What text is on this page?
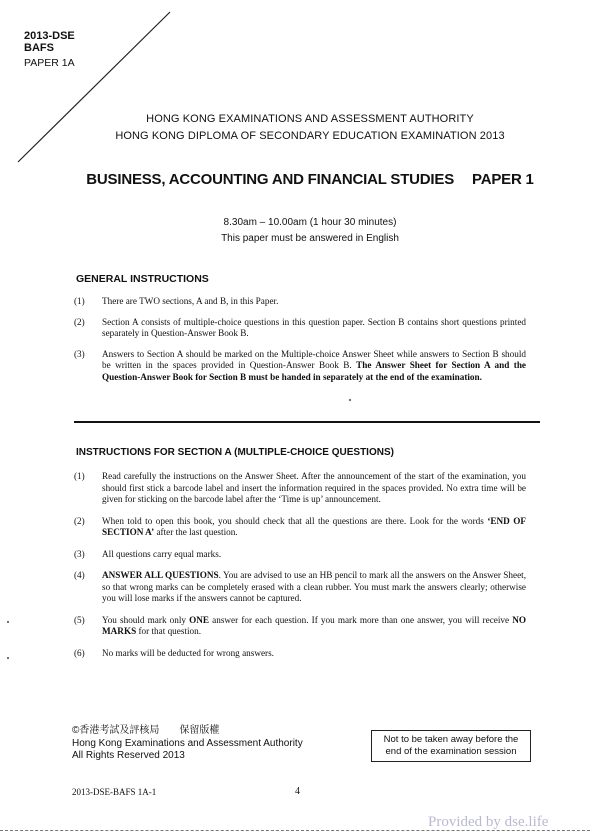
2013-DSE
BAFS
PAPER 1A
HONG KONG EXAMINATIONS AND ASSESSMENT AUTHORITY
HONG KONG DIPLOMA OF SECONDARY EDUCATION EXAMINATION 2013
BUSINESS, ACCOUNTING AND FINANCIAL STUDIES PAPER 1
8.30am – 10.00am (1 hour 30 minutes)
This paper must be answered in English
GENERAL INSTRUCTIONS
(1)	There are TWO sections, A and B, in this Paper.
(2)	Section A consists of multiple-choice questions in this question paper. Section B contains short questions printed separately in Question-Answer Book B.
(3)	Answers to Section A should be marked on the Multiple-choice Answer Sheet while answers to Section B should be written in the spaces provided in Question-Answer Book B. The Answer Sheet for Section A and the Question-Answer Book for Section B must be handed in separately at the end of the examination.
INSTRUCTIONS FOR SECTION A (MULTIPLE-CHOICE QUESTIONS)
(1)	Read carefully the instructions on the Answer Sheet. After the announcement of the start of the examination, you should first stick a barcode label and insert the information required in the spaces provided. No extra time will be given for sticking on the barcode label after the ‘Time is up’ announcement.
(2)	When told to open this book, you should check that all the questions are there. Look for the words ‘END OF SECTION A’ after the last question.
(3)	All questions carry equal marks.
(4)	ANSWER ALL QUESTIONS. You are advised to use an HB pencil to mark all the answers on the Answer Sheet, so that wrong marks can be completely erased with a clean rubber. You must mark the answers clearly; otherwise you will lose marks if the answers cannot be captured.
(5)	You should mark only ONE answer for each question. If you mark more than one answer, you will receive NO MARKS for that question.
(6)	No marks will be deducted for wrong answers.
©香港考試及評核局　　保留版權
Hong Kong Examinations and Assessment Authority
All Rights Reserved 2013
Not to be taken away before the
end of the examination session
2013-DSE-BAFS 1A-1	4
Provided by dse.life
